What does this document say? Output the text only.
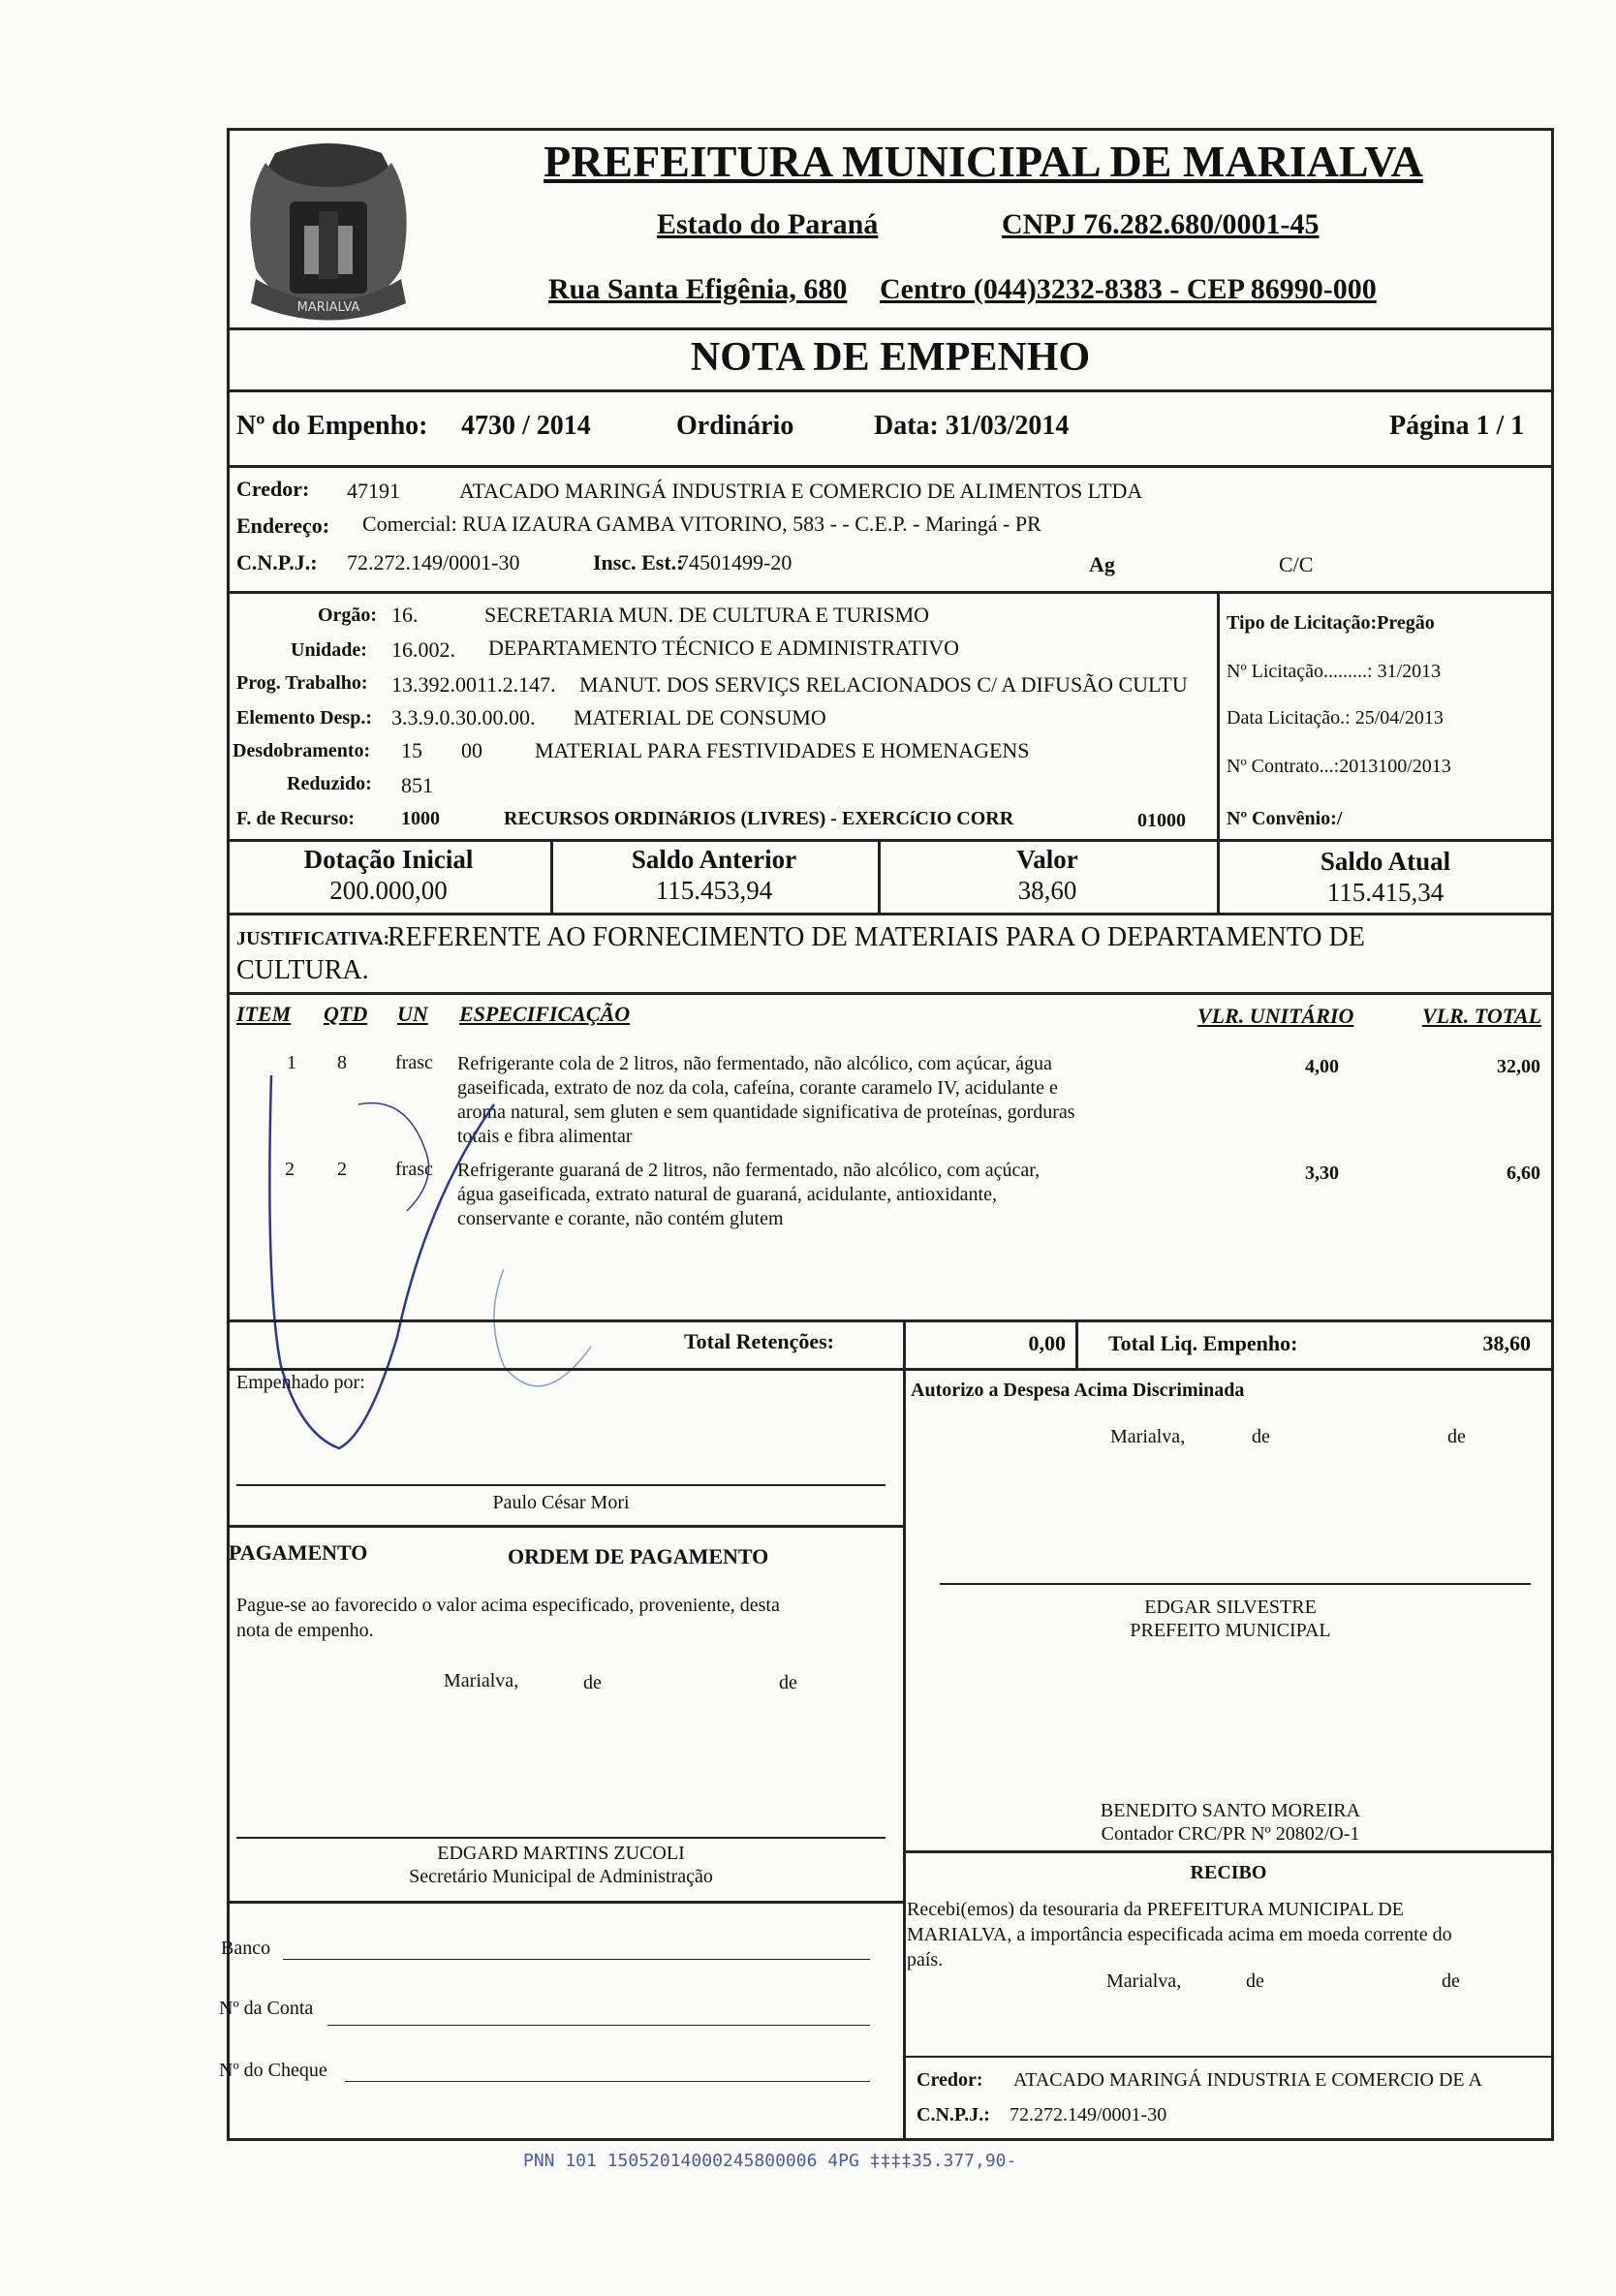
MARIALVA
PREFEITURA MUNICIPAL DE MARIALVA
Estado do Paraná	CNPJ 76.282.680/0001-45
Rua Santa Efigênia, 680 Centro (044)3232-8383 - CEP 86990-000
NOTA DE EMPENHO
Nº do Empenho: 4730 / 2014	Ordinário	Data: 31/03/2014	Página 1 / 1
Credor: 47191	ATACADO MARINGÁ INDUSTRIA E COMERCIO DE ALIMENTOS LTDA
Endereço: Comercial: RUA IZAURA GAMBA VITORINO, 583 - - C.E.P. - Maringá - PR
C.N.P.J.: 72.272.149/0001-30	Insc. Est.:
74501499-20	Ag	C/C
Orgão: 16.	SECRETARIA MUN. DE CULTURA E TURISMO
Unidade: 16.002. DEPARTAMENTO TÉCNICO E ADMINISTRATIVO
Prog. Trabalho: 13.392.0011.2.147. MANUT. DOS SERVIÇS RELACIONADOS C/ A DIFUSÃO CULTU
Elemento Desp.: 3.3.9.0.30.00.00. MATERIAL DE CONSUMO
Desdobramento: 15 00 MATERIAL PARA FESTIVIDADES E HOMENAGENS
Reduzido: 851
F. de Recurso: 1000	RECURSOS ORDINáRIOS (LIVRES) - EXERCíCIO CORR	01000
Tipo de Licitação:Pregão
Nº Licitação.........: 31/2013
Data Licitação.: 25/04/2013
Nº Contrato...:2013100/2013
Nº Convênio:/
Dotação Inicial
200.000,00
Saldo Anterior
115.453,94
Valor
38,60
Saldo Atual
115.415,34
JUSTIFICATIVA:
REFERENTE AO FORNECIMENTO DE MATERIAIS PARA O DEPARTAMENTO DE
CULTURA.
ITEM QTD UN ESPECIFICAÇÃO	VLR. UNITÁRIO	VLR. TOTAL
1 8	frasc Refrigerante cola de 2 litros, não fermentado, não alcólico, com açúcar, água
gaseificada, extrato de noz da cola, cafeína, corante caramelo IV, acidulante e
aroma natural, sem gluten e sem quantidade significativa de proteínas, gorduras
totais e fibra alimentar
4,00	32,00
2 2	frasc Refrigerante guaraná de 2 litros, não fermentado, não alcólico, com açúcar,
água gaseificada, extrato natural de guaraná, acidulante, antioxidante,
conservante e corante, não contém glutem
3,30	6,60
Total Retenções:	0,00 Total Liq. Empenho:	38,60
Empenhado por:
Paulo César Mori
Autorizo a Despesa Acima Discriminada
Marialva,	de	de
PAGAMENTO	ORDEM DE PAGAMENTO
Pague-se ao favorecido o valor acima especificado, proveniente, desta
nota de empenho.
Marialva,	de	de
EDGAR SILVESTRE
PREFEITO MUNICIPAL
EDGARD MARTINS ZUCOLI
Secretário Municipal de Administração
BENEDITO SANTO MOREIRA
Contador CRC/PR Nº 20802/O-1
RECIBO
Recebi(emos) da tesouraria da PREFEITURA MUNICIPAL DE
MARIALVA, a importância especificada acima em moeda corrente do
país.
Marialva,	de	de
Banco
Nº da Conta
Nº do Cheque	Credor: ATACADO MARINGÁ INDUSTRIA E COMERCIO DE A
C.N.P.J.: 72.272.149/0001-30
PNN 101 15052014000245800006 4PG ‡‡‡‡35.377,90-
